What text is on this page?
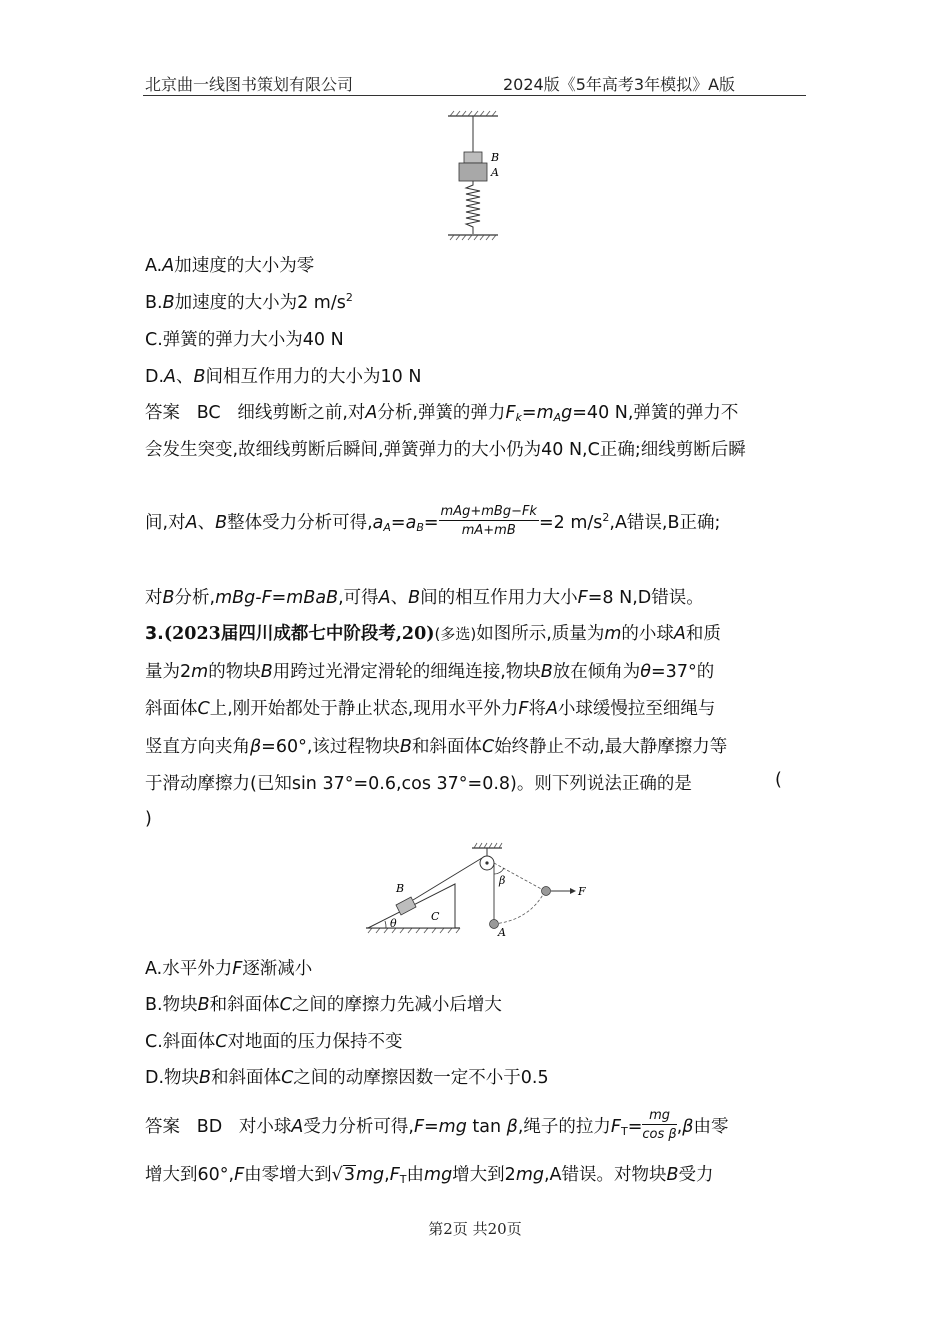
北京曲一线图书策划有限公司	2024版《5年高考3年模拟》A版
B
A
A.A加速度的大小为零
B.B加速度的大小为2 $m/s^2$
C.弹簧的弹力大小为40 N
D.A、B间相互作用力的大小为10 N
答案 BC 细线剪断之前,对A分析,弹簧的弹力$F_k=m_Ag=40$ N,弹簧的弹力不
会发生突变,故细线剪断后瞬间,弹簧弹力的大小仍为40 N,C正确;细线剪断后瞬
间,对A、B整体受力分析可得$,a_A=a_B= \frac{\text{mAg+mBg−Fk}}{mA+mB} =2$ $m/s^2,A$错误,B正确;
对B分析,mBg-F=mBaB,可得A、B间的相互作用力大小F=8 N,D错误。
3.(2023届四川成都七中阶段考,20)(多选)如图所示,质量为m的小球A和质
量为2m的物块B用跨过光滑定滑轮的细绳连接,物块B放在倾角为θ=37°的
斜面体C上,刚开始都处于静止状态,现用水平外力F将A小球缓慢拉至细绳与
竖直方向夹角β=60°,该过程物块B和斜面体C始终静止不动,最大静摩擦力等
于滑动摩擦力(已知sin 37°=0.6,cos 37°=0.8)。则下列说法正确的是	(
)
B
C
θ
β
F
A
A.水平外力F逐渐减小
B.物块B和斜面体C之间的摩擦力先减小后增大
C.斜面体C对地面的压力保持不变
D.物块B和斜面体C之间的动摩擦因数一定不小于0.5
答案 BD 对小球A受力分析可得,F=mg tan β,绳子的拉力$F_T= \frac{mg}{\text{cos β}} ,\beta$由零
增大到60°,F由零增大到$√3mg,F_T$由mg增大到2mg,A错误。对物块B受力
第2页 共20页
